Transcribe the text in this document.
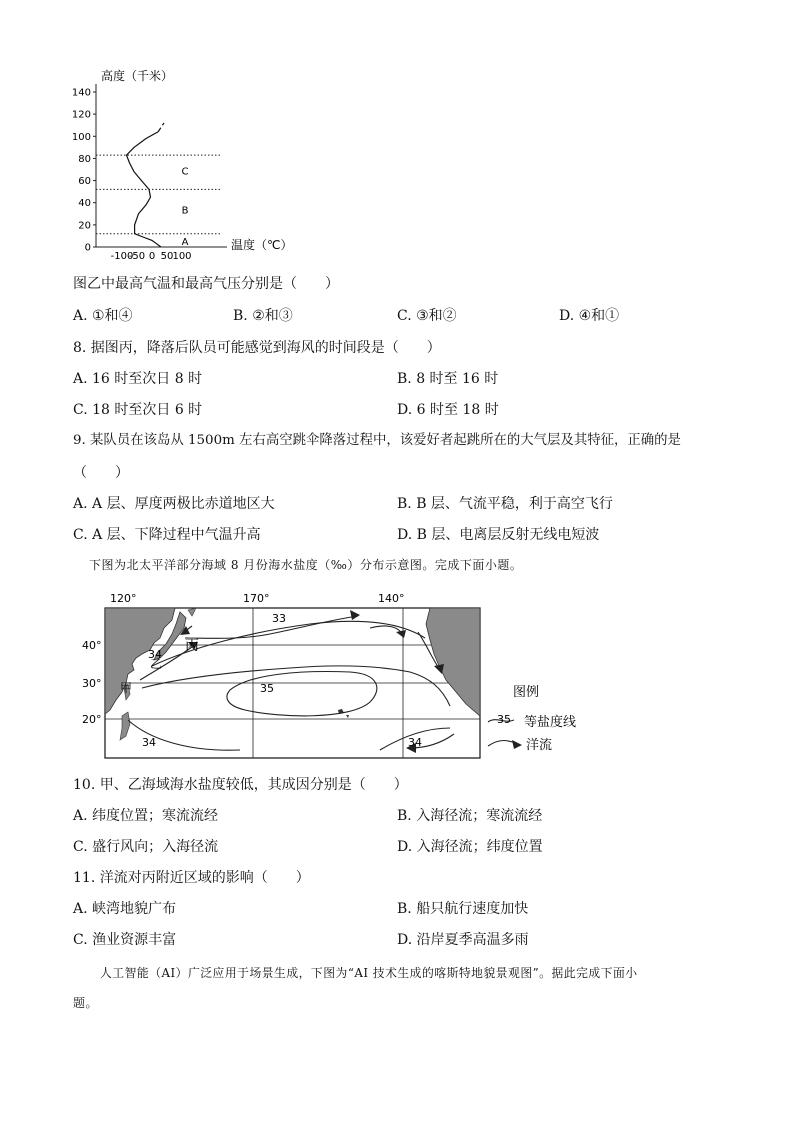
高度（千米）
温度（℃）
0
20
40
60
80
100
120
140
-100
-50 0 50 100
A
B
C
图乙中最高气温和最高气压分别是（　　）
A. ①和④	B. ②和③	C. ③和②	D. ④和①
8. 据图丙，降落后队员可能感觉到海风的时间段是（　　）
A. 16 时至次日 8 时	B. 8 时至 16 时
C. 18 时至次日 6 时	D. 6 时至 18 时
9. 某队员在该岛从 1500m 左右高空跳伞降落过程中，该爱好者起跳所在的大气层及其特征，正确的是
（　　）
A. A 层、厚度两极比赤道地区大	B. B 层、气流平稳，利于高空飞行
C. A 层、下降过程中气温升高	D. B 层、电离层反射无线电短波
下图为北太平洋部分海域 8 月份海水盐度（‰）分布示意图。完成下面小题。
120°	170°	140°
40°
30°
20°
33
34
35
34	34
丙
乙
甲	图例
35 等盐度线
洋流
10. 甲、乙海域海水盐度较低，其成因分别是（　　）
A. 纬度位置；寒流流经	B. 入海径流；寒流流经
C. 盛行风向；入海径流	D. 入海径流；纬度位置
11. 洋流对丙附近区域的影响（　　）
A. 峡湾地貌广布	B. 船只航行速度加快
C. 渔业资源丰富	D. 沿岸夏季高温多雨
人工智能（AI）广泛应用于场景生成，下图为“AI 技术生成的喀斯特地貌景观图”。据此完成下面小
题。
